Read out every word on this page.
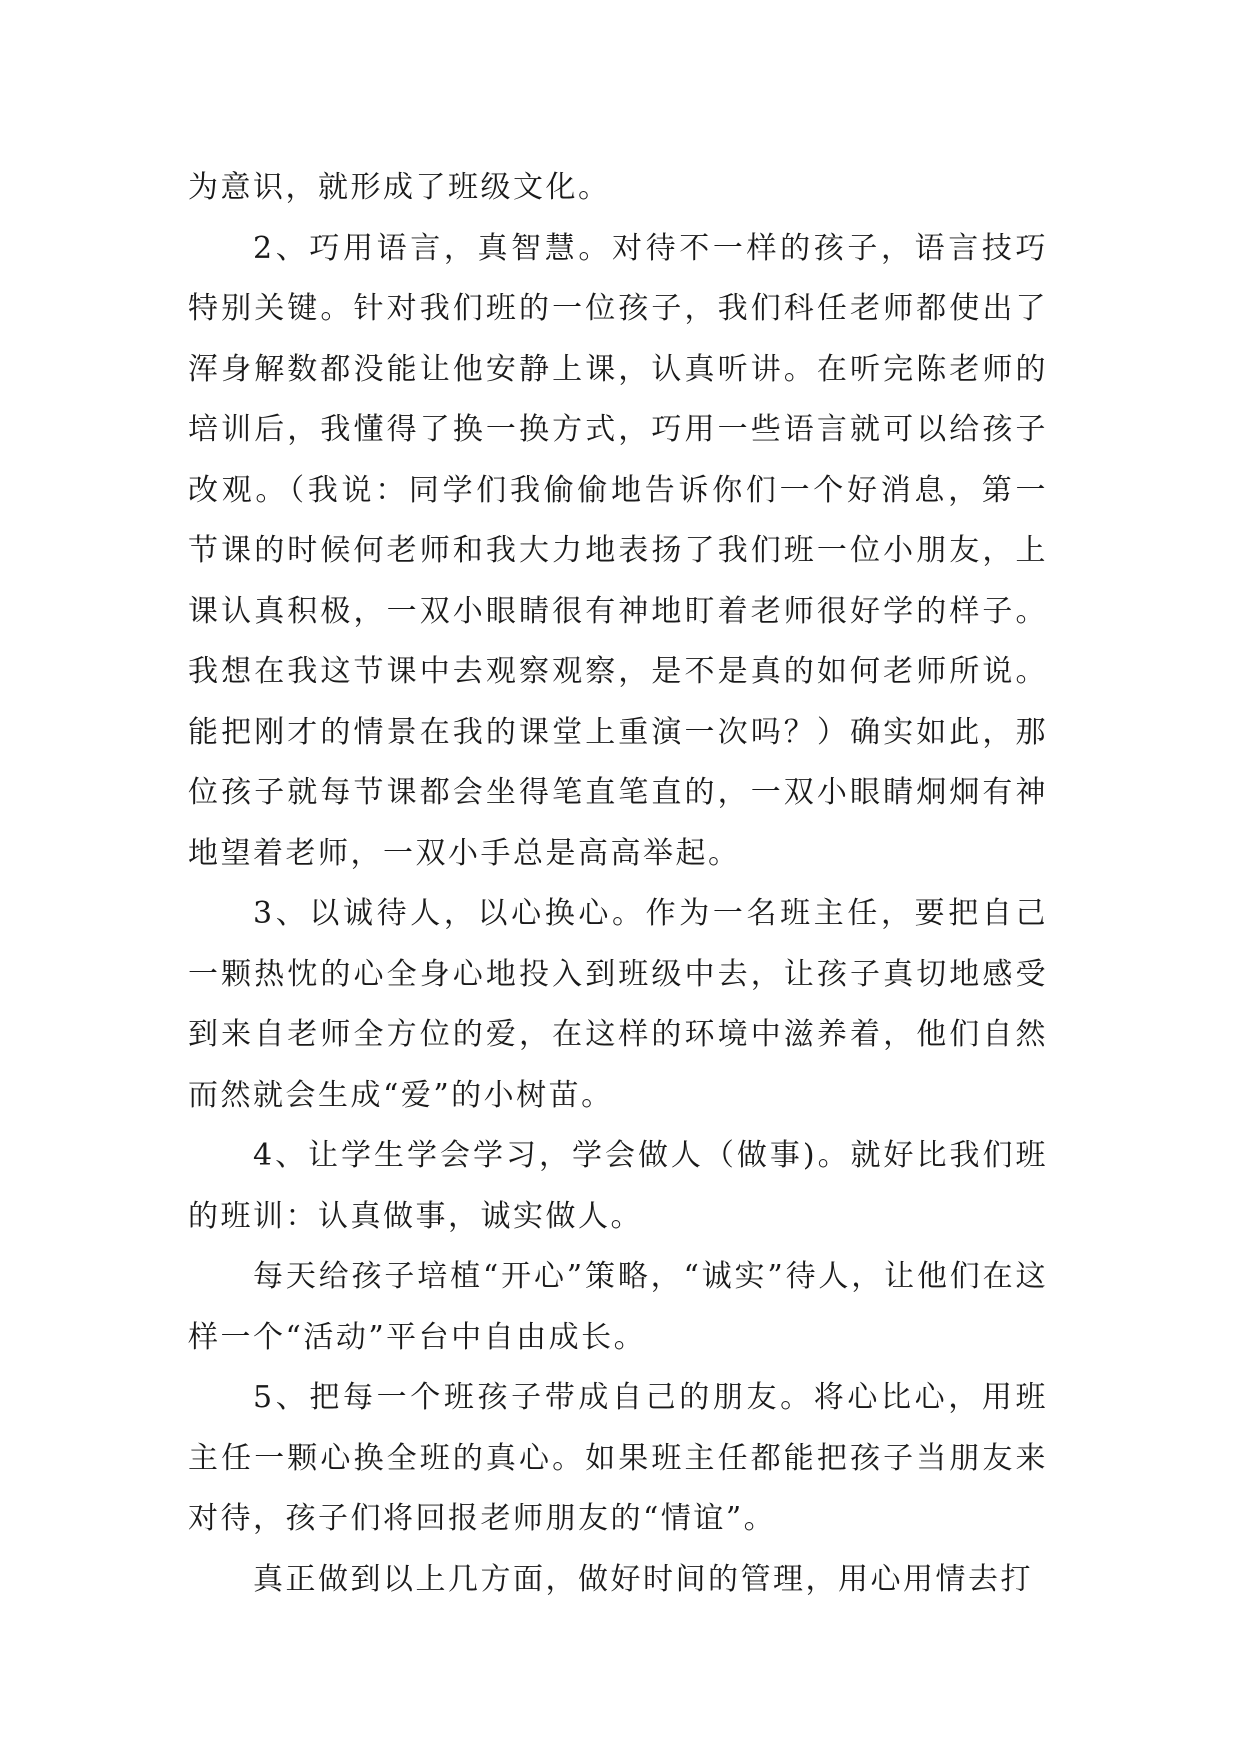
为意识，就形成了班级文化。

2、巧用语言，真智慧。对待不一样的孩子，语言技巧特别关键。针对我们班的一位孩子，我们科任老师都使出了浑身解数都没能让他安静上课，认真听讲。在听完陈老师的培训后，我懂得了换一换方式，巧用一些语言就可以给孩子改观。（我说：同学们我偷偷地告诉你们一个好消息，第一节课的时候何老师和我大力地表扬了我们班一位小朋友，上课认真积极，一双小眼睛很有神地盯着老师很好学的样子。我想在我这节课中去观察观察，是不是真的如何老师所说。能把刚才的情景在我的课堂上重演一次吗？）确实如此，那位孩子就每节课都会坐得笔直笔直的，一双小眼睛炯炯有神地望着老师，一双小手总是高高举起。

3、以诚待人，以心换心。作为一名班主任，要把自己一颗热忱的心全身心地投入到班级中去，让孩子真切地感受到来自老师全方位的爱，在这样的环境中滋养着，他们自然而然就会生成“爱”的小树苗。

4、让学生学会学习，学会做人（做事)。就好比我们班的班训：认真做事，诚实做人。

每天给孩子培植“开心”策略，“诚实”待人，让他们在这样一个“活动”平台中自由成长。

5、把每一个班孩子带成自己的朋友。将心比心，用班主任一颗心换全班的真心。如果班主任都能把孩子当朋友来对待，孩子们将回报老师朋友的“情谊”。

真正做到以上几方面，做好时间的管理，用心用情去打
